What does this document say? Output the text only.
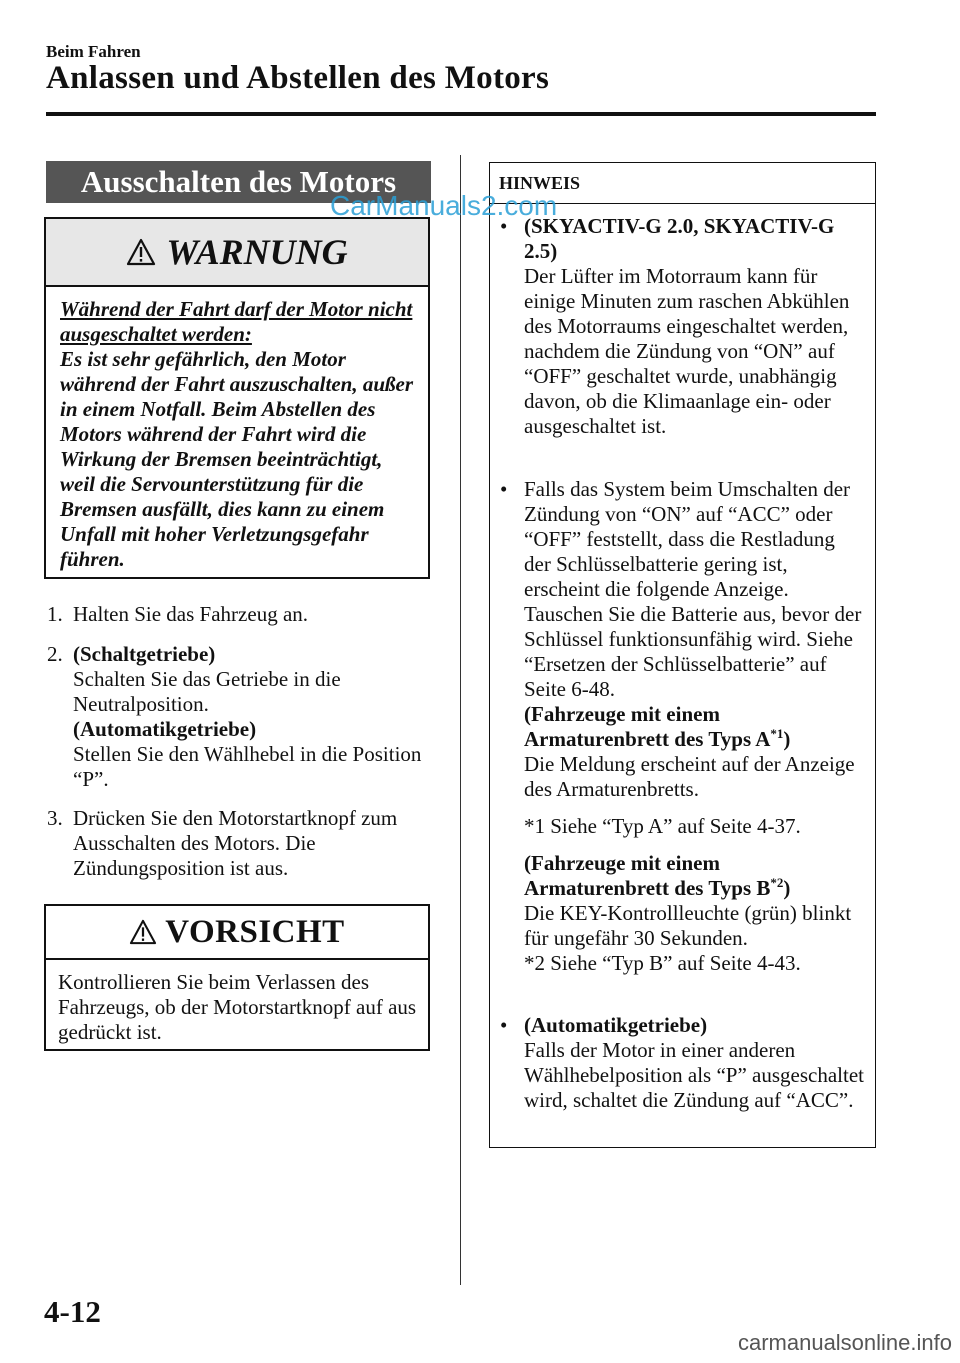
Beim Fahren
Anlassen und Abstellen des Motors
Ausschalten des Motors
WARNUNG
Während der Fahrt darf der Motor nicht ausgeschaltet werden:
Es ist sehr gefährlich, den Motor während der Fahrt auszuschalten, außer in einem Notfall. Beim Abstellen des Motors während der Fahrt wird die Wirkung der Bremsen beeinträchtigt, weil die Servounterstützung für die Bremsen ausfällt, dies kann zu einem Unfall mit hoher Verletzungsgefahr führen.
1. Halten Sie das Fahrzeug an.
2. (Schaltgetriebe)
Schalten Sie das Getriebe in die Neutralposition.
(Automatikgetriebe)
Stellen Sie den Wählhebel in die Position “P”.
3. Drücken Sie den Motorstartknopf zum Ausschalten des Motors. Die Zündungsposition ist aus.
VORSICHT
Kontrollieren Sie beim Verlassen des Fahrzeugs, ob der Motorstartknopf auf aus gedrückt ist.
HINWEIS
• (SKYACTIV-G 2.0, SKYACTIV-G 2.5)
Der Lüfter im Motorraum kann für einige Minuten zum raschen Abkühlen des Motorraums eingeschaltet werden, nachdem die Zündung von “ON” auf “OFF” geschaltet wurde, unabhängig davon, ob die Klimaanlage ein- oder ausgeschaltet ist.
• Falls das System beim Umschalten der Zündung von “ON” auf “ACC” oder “OFF” feststellt, dass die Restladung der Schlüsselbatterie gering ist, erscheint die folgende Anzeige.
Tauschen Sie die Batterie aus, bevor der Schlüssel funktionsunfähig wird. Siehe “Ersetzen der Schlüsselbatterie” auf Seite 6-48.
(Fahrzeuge mit einem Armaturenbrett des Typs $A^{*1}$)
Die Meldung erscheint auf der Anzeige des Armaturenbretts.
*1 Siehe “Typ A” auf Seite 4-37.
(Fahrzeuge mit einem Armaturenbrett des Typs $B^{*2}$)
Die KEY-Kontrollleuchte (grün) blinkt für ungefähr 30 Sekunden.
*2 Siehe “Typ B” auf Seite 4-43.
• (Automatikgetriebe)
Falls der Motor in einer anderen Wählhebelposition als “P” ausgeschaltet wird, schaltet die Zündung auf “ACC”.
CarManuals2.com
4-12
carmanualsonline.info
